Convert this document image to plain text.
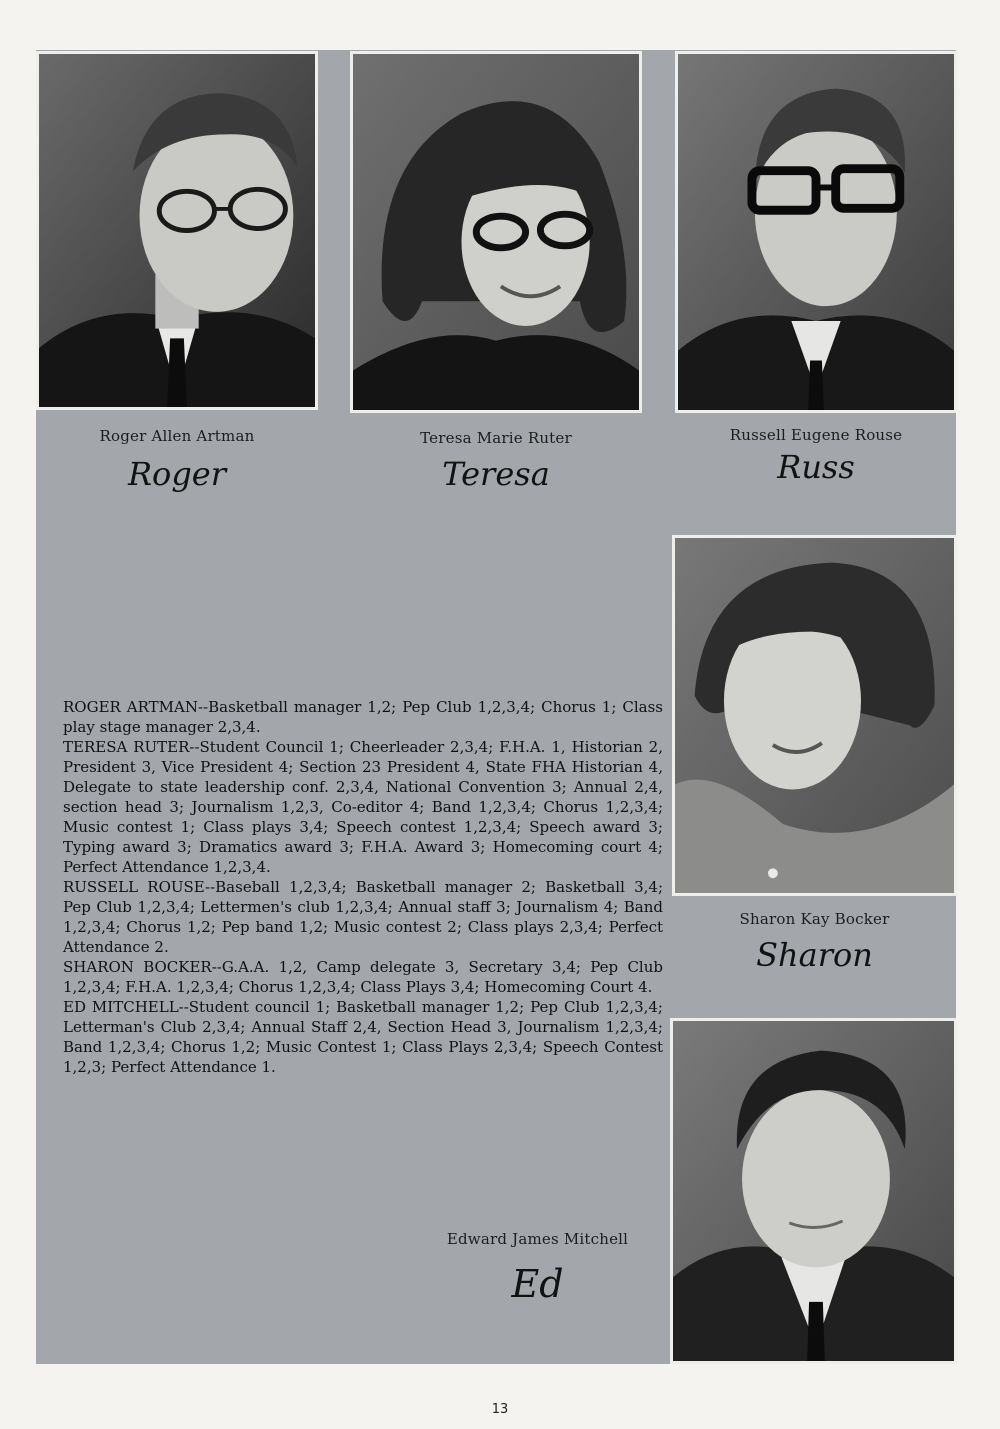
Roger Allen Artman
Roger
Teresa Marie Ruter
Teresa
Russell Eugene Rouse
Russ
Sharon Kay Bocker
Sharon
Edward James Mitchell
Ed

ROGER ARTMAN--Basketball manager 1,2; Pep Club 1,2,3,4; Chorus 1; Class play stage manager 2,3,4.

TERESA RUTER--Student Council 1; Cheerleader 2,3,4; F.H.A. 1, Historian 2, President 3, Vice President 4; Section 23 President 4, State FHA Historian 4, Delegate to state leadership conf. 2,3,4, National Convention 3; Annual 2,4, section head 3; Journalism 1,2,3, Co-editor 4; Band 1,2,3,4; Chorus 1,2,3,4; Music contest 1; Class plays 3,4; Speech contest 1,2,3,4; Speech award 3; Typing award 3; Dramatics award 3; F.H.A. Award 3; Homecoming court 4; Perfect Attendance 1,2,3,4.

RUSSELL ROUSE--Baseball 1,2,3,4; Basketball manager 2; Basketball 3,4; Pep Club 1,2,3,4; Lettermen's club 1,2,3,4; Annual staff 3; Journalism 4; Band 1,2,3,4; Chorus 1,2; Pep band 1,2; Music contest 2; Class plays 2,3,4; Perfect Attendance 2.

SHARON BOCKER--G.A.A. 1,2, Camp delegate 3, Secretary 3,4; Pep Club 1,2,3,4; F.H.A. 1,2,3,4; Chorus 1,2,3,4; Class Plays 3,4; Homecoming Court 4.

ED MITCHELL--Student council 1; Basketball manager 1,2; Pep Club 1,2,3,4; Letterman's Club 2,3,4; Annual Staff 2,4, Section Head 3, Journalism 1,2,3,4; Band 1,2,3,4; Chorus 1,2; Music Contest 1; Class Plays 2,3,4; Speech Contest 1,2,3; Perfect Attendance 1.

13
